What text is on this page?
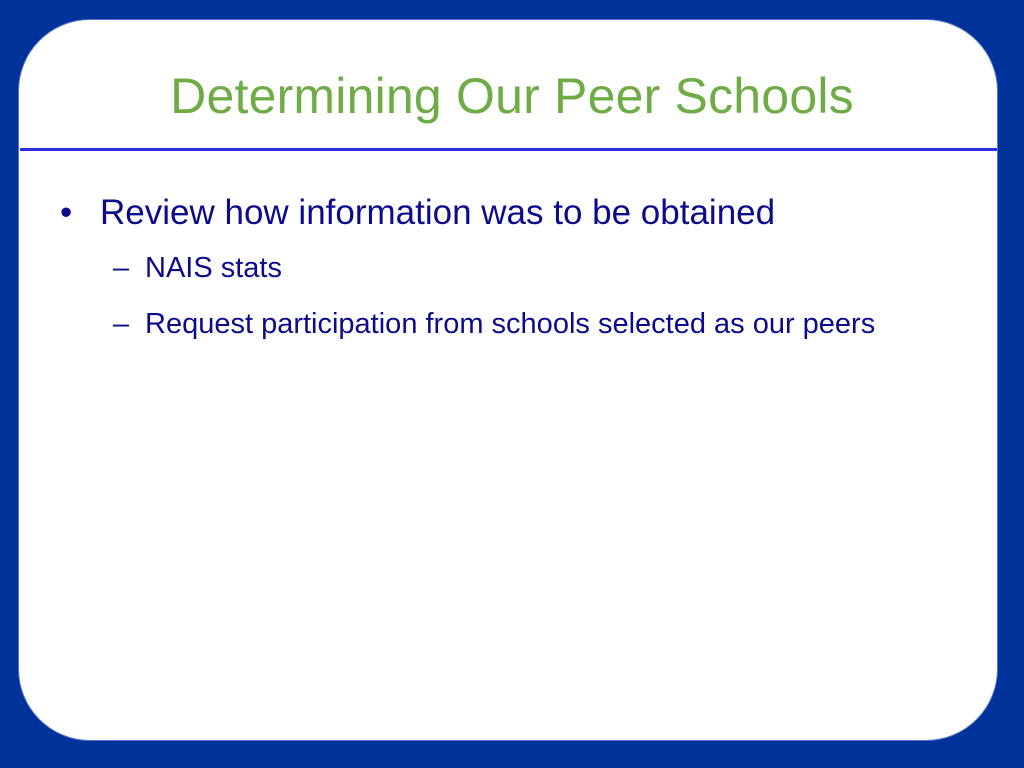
Determining Our Peer Schools
• Review how information was to be obtained
– NAIS stats
– Request participation from schools selected as our peers
